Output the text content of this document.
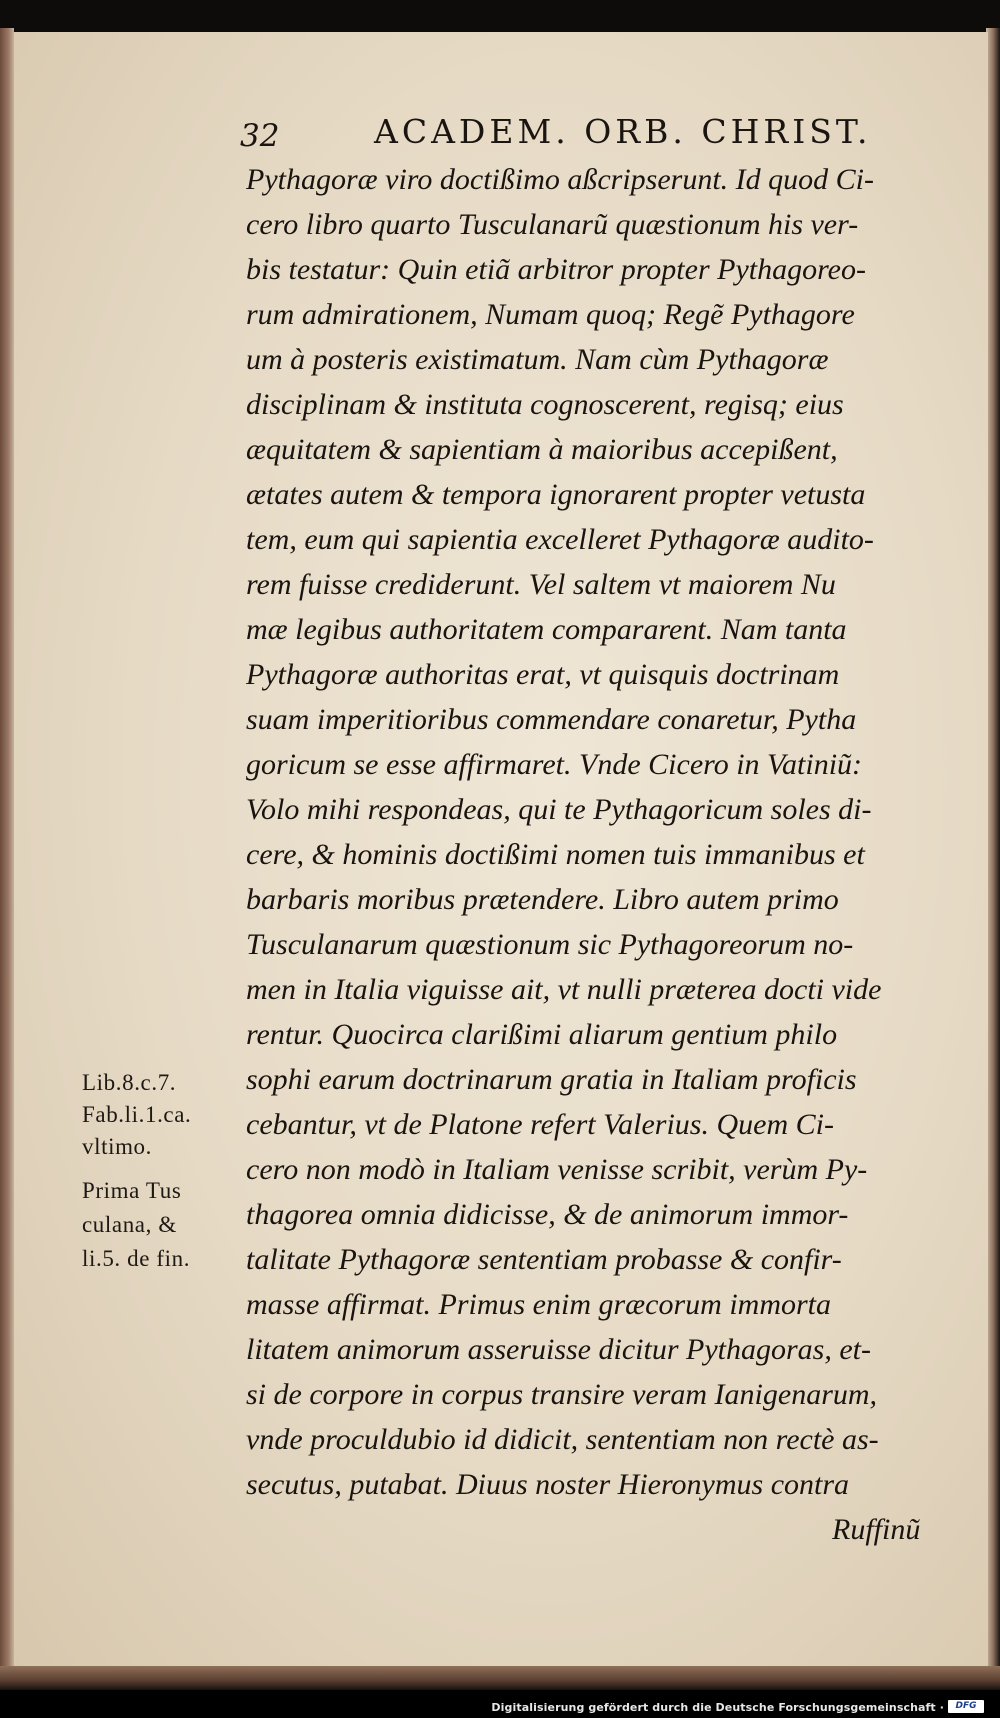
32	ACADEM. ORB. CHRIST.
Pythagoræ viro doctißimo aßcripserunt. Id quod Ci-
cero libro quarto Tusculanarũ quæstionum his ver-
bis testatur: Quin etiã arbitror propter Pythagoreo-
rum admirationem, Numam quoq; Regẽ Pythagore
um à posteris existimatum. Nam cùm Pythagoræ
disciplinam & instituta cognoscerent, regisq; eius
æquitatem & sapientiam à maioribus accepißent,
ætates autem & tempora ignorarent propter vetusta
tem, eum qui sapientia excelleret Pythagoræ audito-
rem fuisse crediderunt. Vel saltem vt maiorem Nu
mæ legibus authoritatem compararent. Nam tanta
Pythagoræ authoritas erat, vt quisquis doctrinam
suam imperitioribus commendare conaretur, Pytha
goricum se esse affirmaret. Vnde Cicero in Vatiniũ:
Volo mihi respondeas, qui te Pythagoricum soles di-
cere, & hominis doctißimi nomen tuis immanibus et
barbaris moribus prætendere. Libro autem primo
Tusculanarum quæstionum sic Pythagoreorum no-
men in Italia viguisse ait, vt nulli præterea docti vide
rentur. Quocirca clarißimi aliarum gentium philo
sophi earum doctrinarum gratia in Italiam proficis
cebantur, vt de Platone refert Valerius. Quem Ci-
cero non modò in Italiam venisse scribit, verùm Py-
thagorea omnia didicisse, & de animorum immor-
talitate Pythagoræ sententiam probasse & confir-
masse affirmat. Primus enim græcorum immorta
litatem animorum asseruisse dicitur Pythagoras, et-
si de corpore in corpus transire veram Ianigenarum,
vnde proculdubio id didicit, sententiam non rectè as-
secutus, putabat. Diuus noster Hieronymus contra
Ruffinũ
Lib.8.c.7.
Fab.li.1.ca.
vltimo.
Prima Tus
culana, &
li.5. de fin.
Digitalisierung gefördert durch die Deutsche Forschungsgemeinschaft ·	DFG
